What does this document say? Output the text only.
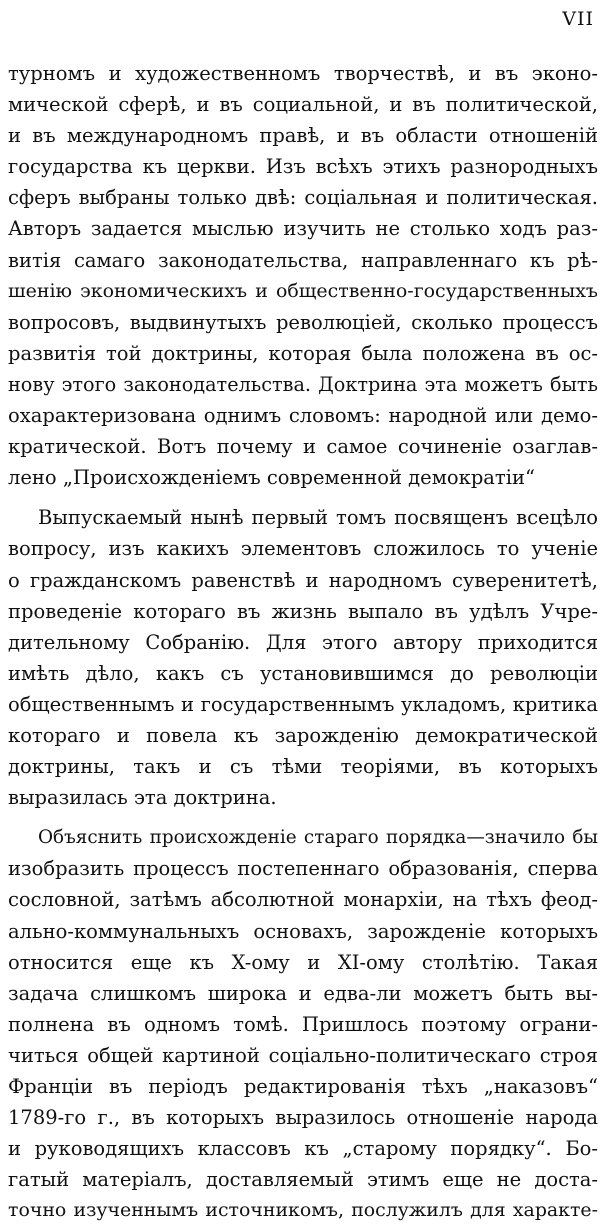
VII
турномъ и художественномъ творчествѣ, и въ эконо-
мической сферѣ, и въ социальной, и въ политической,
и въ международномъ правѣ, и въ области отношеній
государства къ церкви. Изъ всѣхъ этихъ разнородныхъ
сферъ выбраны только двѣ: соціальная и политическая.
Авторъ задается мыслью изучить не столько ходъ раз-
витія самаго законодательства, направленнаго къ рѣ-
шенію экономическихъ и общественно-государственныхъ
вопросовъ, выдвинутыхъ революціей, сколько процессъ
развитія той доктрины, которая была положена въ ос-
нову этого законодательства. Доктрина эта можетъ быть
охарактеризована однимъ словомъ: народной или демо-
кратической. Вотъ почему и самое сочиненіе озаглав-
лено „Происхожденіемъ современной демократіи“
Выпускаемый нынѣ первый томъ посвященъ всецѣло
вопросу, изъ какихъ элементовъ сложилось то ученіе
о гражданскомъ равенствѣ и народномъ суверенитетѣ,
проведеніе котораго въ жизнь выпало въ удѣлъ Учре-
дительному Собранію. Для этого автору приходится
имѣть дѣло, какъ съ установившимся до революціи
общественнымъ и государственнымъ укладомъ, критика
котораго и повела къ зарожденію демократической
доктрины, такъ и съ тѣми теоріями, въ которыхъ
выразилась эта доктрина.
Объяснить происхожденіе стараго порядка—значило бы
изобразить процессъ постепеннаго образованія, сперва
сословной, затѣмъ абсолютной монархіи, на тѣхъ феод-
ально-коммунальныхъ основахъ, зарожденіе которыхъ
относится еще къ X-ому и XI-ому столѣтію. Такая
задача слишкомъ широка и едва-ли можетъ быть вы-
полнена въ одномъ томѣ. Пришлось поэтому ограни-
читься общей картиной соціально-политическаго строя
Франціи въ періодъ редактированія тѣхъ „наказовъ“
1789-го г., въ которыхъ выразилось отношеніе народа
и руководящихъ классовъ къ „старому порядку“. Бо-
гатый матеріалъ, доставляемый этимъ еще не доста-
точно изученнымъ источникомъ, послужилъ для характе-
